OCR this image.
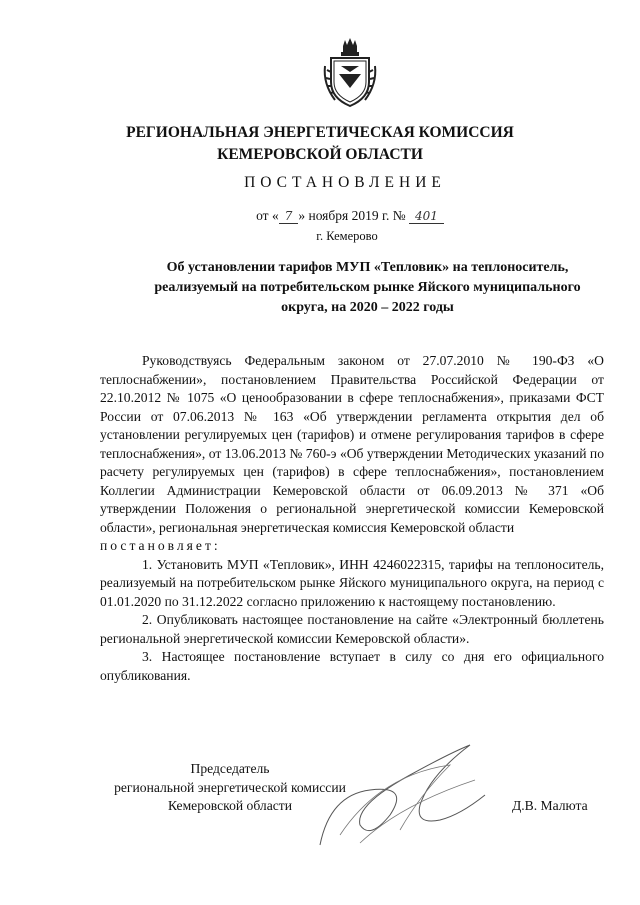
РЕГИОНАЛЬНАЯ ЭНЕРГЕТИЧЕСКАЯ КОМИССИЯ
КЕМЕРОВСКОЙ ОБЛАСТИ
ПОСТАНОВЛЕНИЕ
от « 7 » ноября 2019 г. № 401
г. Кемерово
Об установлении тарифов МУП «Тепловик» на теплоноситель,
реализуемый на потребительском рынке Яйского муниципального
округа, на 2020 – 2022 годы

Руководствуясь Федеральным законом от 27.07.2010 № 190-ФЗ «О теплоснабжении», постановлением Правительства Российской Федерации от 22.10.2012 № 1075 «О ценообразовании в сфере теплоснабжения», приказами ФСТ России от 07.06.2013 № 163 «Об утверждении регламента открытия дел об установлении регулируемых цен (тарифов) и отмене регулирования тарифов в сфере теплоснабжения», от 13.06.2013 № 760-э «Об утверждении Методических указаний по расчету регулируемых цен (тарифов) в сфере теплоснабжения», постановлением Коллегии Администрации Кемеровской области от 06.09.2013 № 371 «Об утверждении Положения о региональной энергетической комиссии Кемеровской области», региональная энергетическая комиссия Кемеровской области

постановляет:

1. Установить МУП «Тепловик», ИНН 4246022315, тарифы на теплоноситель, реализуемый на потребительском рынке Яйского муниципального округа, на период с 01.01.2020 по 31.12.2022 согласно приложению к настоящему постановлению.

2. Опубликовать настоящее постановление на сайте «Электронный бюллетень региональной энергетической комиссии Кемеровской области».

3. Настоящее постановление вступает в силу со дня его официального опубликования.

Председатель
региональной энергетической комиссии
Кемеровской области	Д.В. Малюта
